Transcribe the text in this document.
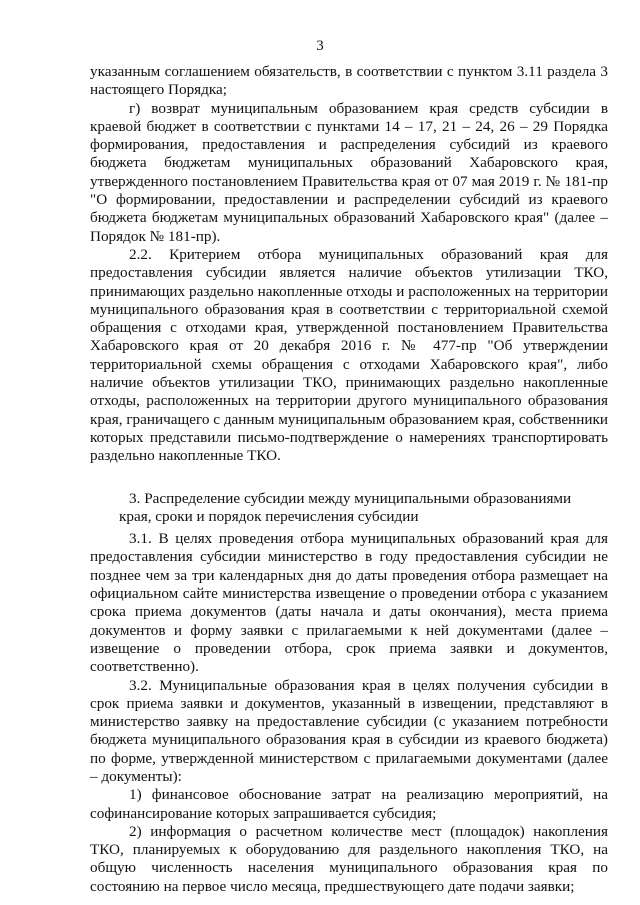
3

указанным соглашением обязательств, в соответствии с пунктом 3.11 раздела 3 настоящего Порядка;

г) возврат муниципальным образованием края средств субсидии в краевой бюджет в соответствии с пунктами 14 – 17, 21 – 24, 26 – 29 Порядка формирования, предоставления и распределения субсидий из краевого бюджета бюджетам муниципальных образований Хабаровского края, утвержденного постановлением Правительства края от 07 мая 2019 г. № 181-пр "О формировании, предоставлении и распределении субсидий из краевого бюджета бюджетам муниципальных образований Хабаровского края" (далее – Порядок № 181-пр).

2.2. Критерием отбора муниципальных образований края для предоставления субсидии является наличие объектов утилизации ТКО, принимающих раздельно накопленные отходы и расположенных на территории муниципального образования края в соответствии с территориальной схемой обращения с отходами края, утвержденной постановлением Правительства Хабаровского края от 20 декабря 2016 г. № 477-пр "Об утверждении территориальной схемы обращения с отходами Хабаровского края", либо наличие объектов утилизации ТКО, принимающих раздельно накопленные отходы, расположенных на территории другого муниципального образования края, граничащего с данным муниципальным образованием края, собственники которых представили письмо-подтверждение о намерениях транспортировать раздельно накопленные ТКО.

3. Распределение субсидии между муниципальными образованиями
края, сроки и порядок перечисления субсидии

3.1. В целях проведения отбора муниципальных образований края для предоставления субсидии министерство в году предоставления субсидии не позднее чем за три календарных дня до даты проведения отбора размещает на официальном сайте министерства извещение о проведении отбора с указанием срока приема документов (даты начала и даты окончания), места приема документов и форму заявки с прилагаемыми к ней документами (далее – извещение о проведении отбора, срок приема заявки и документов, соответственно).

3.2. Муниципальные образования края в целях получения субсидии в срок приема заявки и документов, указанный в извещении, представляют в министерство заявку на предоставление субсидии (с указанием потребности бюджета муниципального образования края в субсидии из краевого бюджета) по форме, утвержденной министерством с прилагаемыми документами (далее – документы):

1) финансовое обоснование затрат на реализацию мероприятий, на софинансирование которых запрашивается субсидия;

2) информация о расчетном количестве мест (площадок) накопления ТКО, планируемых к оборудованию для раздельного накопления ТКО, на общую численность населения муниципального образования края по состоянию на первое число месяца, предшествующего дате подачи заявки;
